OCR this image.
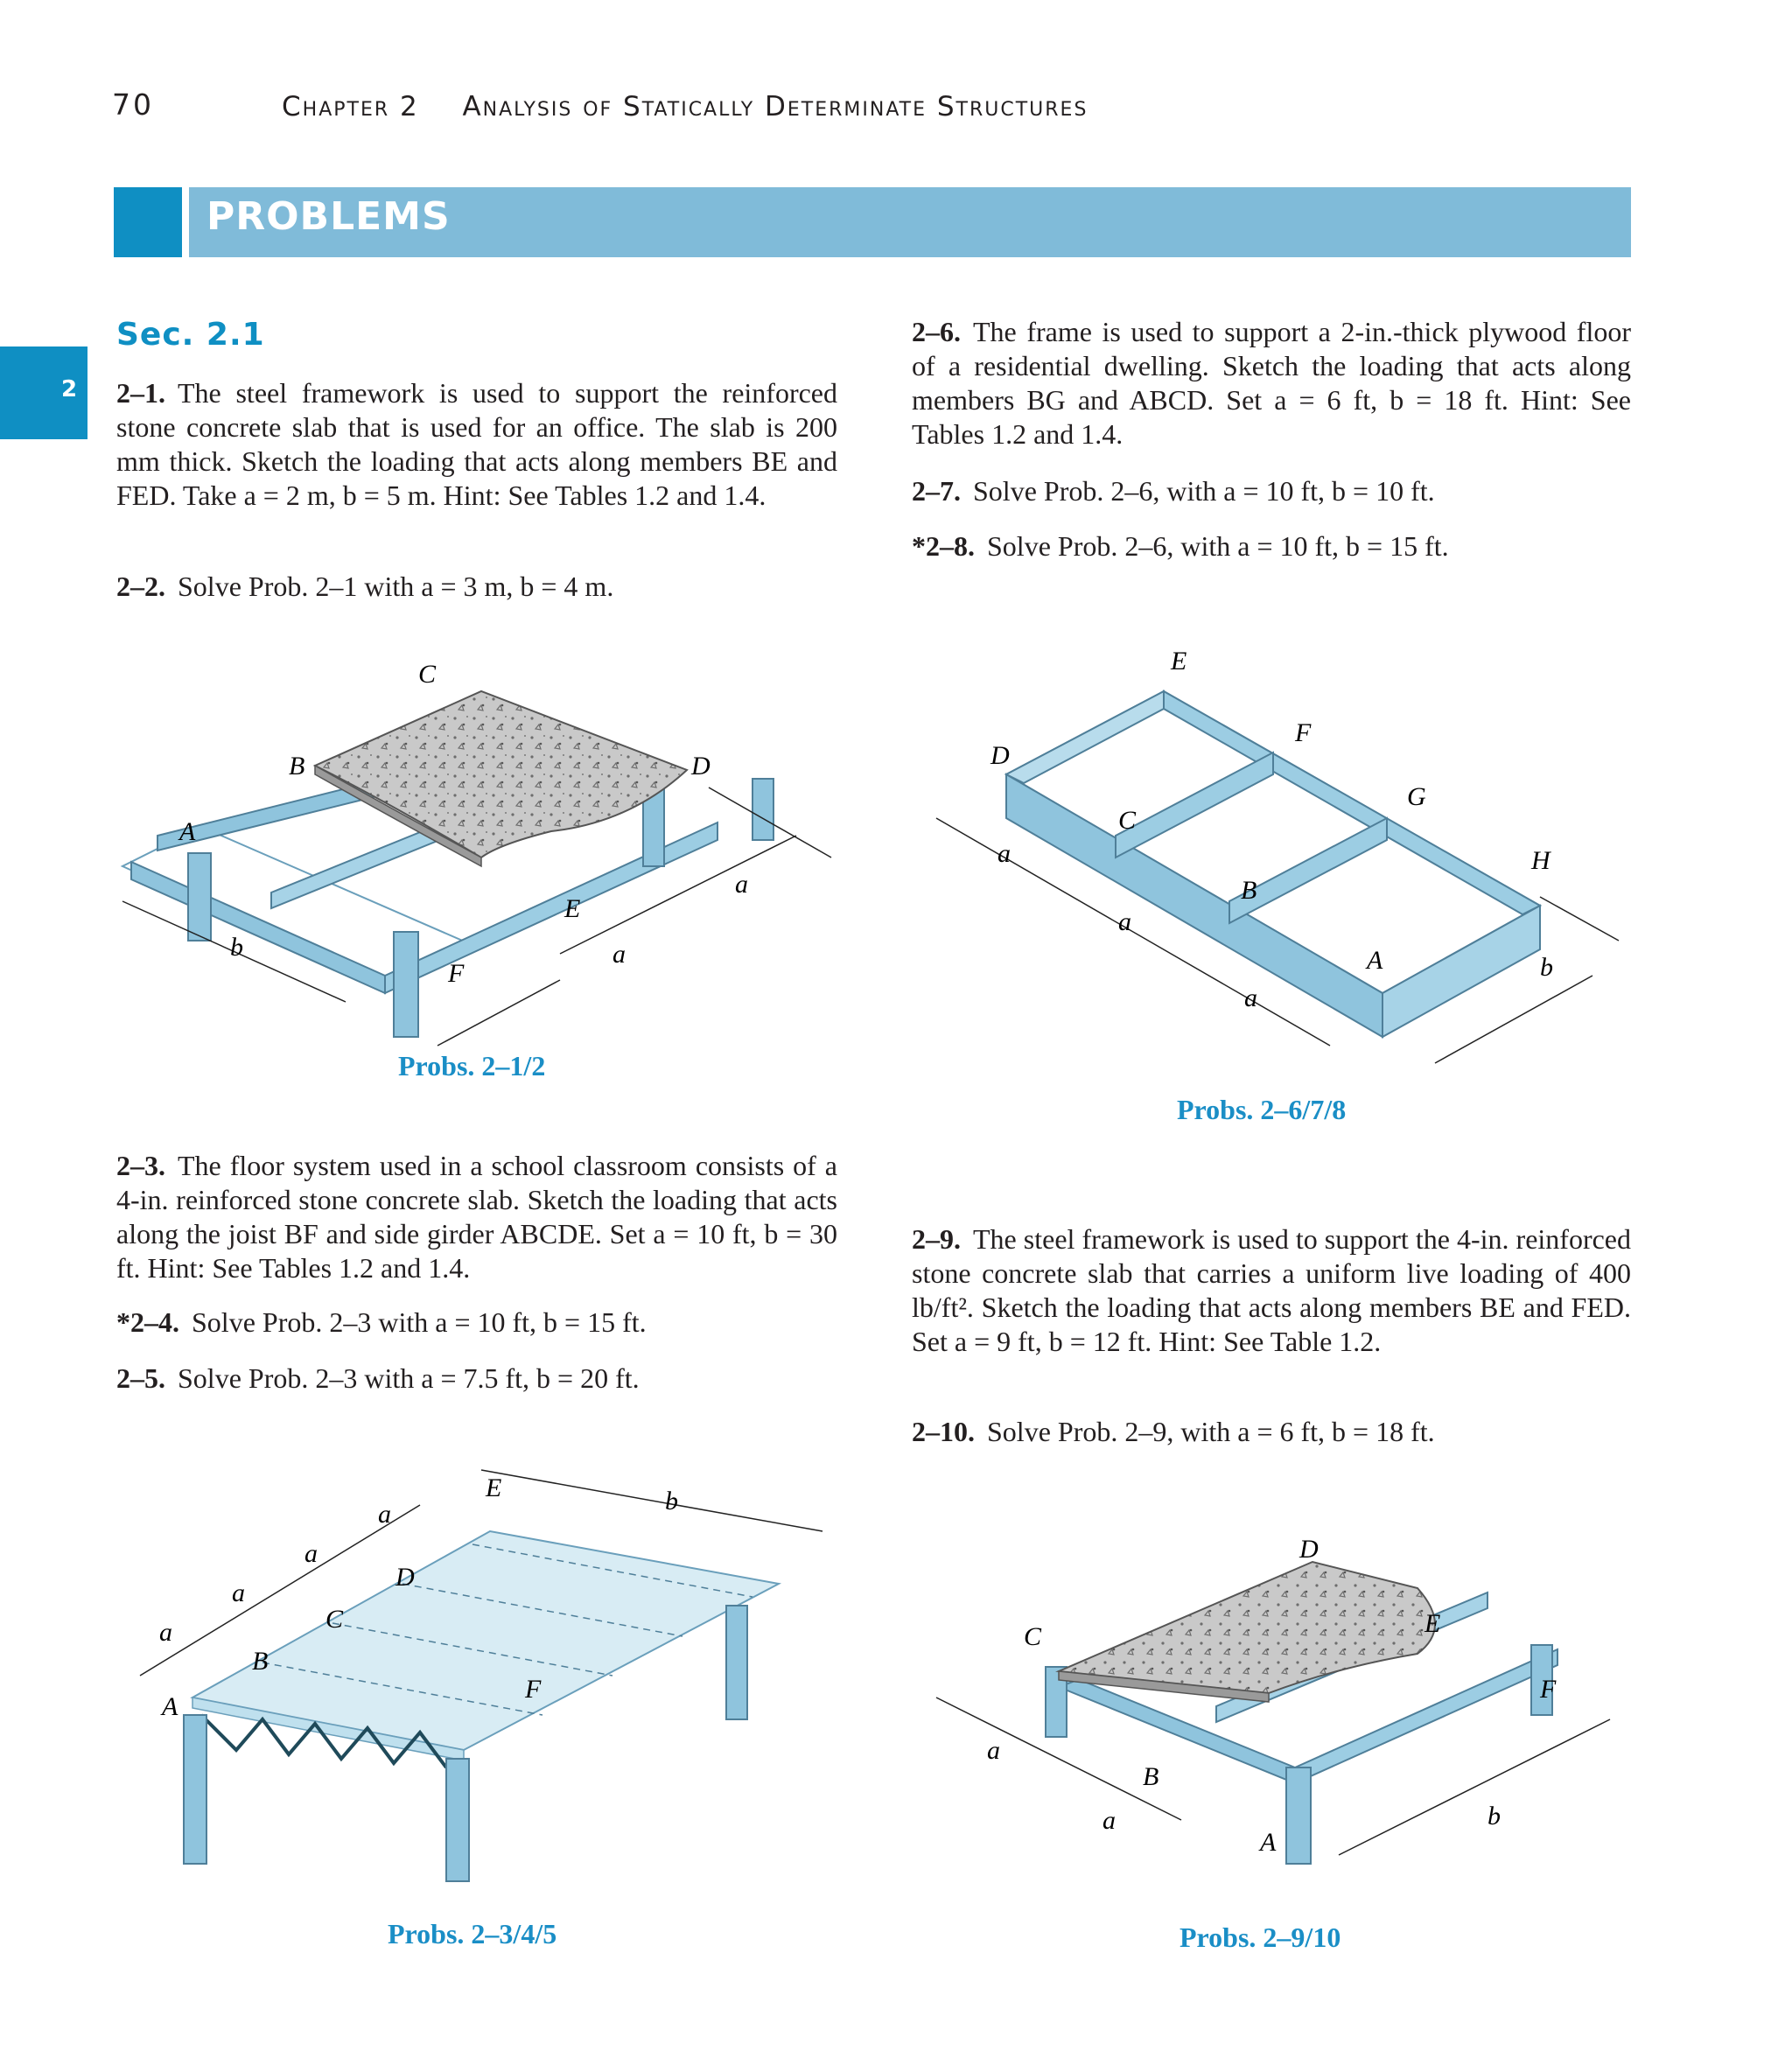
70	Chapter 2 Analysis of Statically Determinate Structures
PROBLEMS
2
Sec. 2.1
2–1. The steel framework is used to support the reinforced stone concrete slab that is used for an office. The slab is 200 mm thick. Sketch the loading that acts along members BE and FED. Take a = 2 m, b = 5 m. Hint: See Tables 1.2 and 1.4.
2–2. Solve Prob. 2–1 with a = 3 m, b = 4 m.
2–3. The floor system used in a school classroom consists of a 4-in. reinforced stone concrete slab. Sketch the loading that acts along the joist BF and side girder ABCDE. Set a = 10 ft, b = 30 ft. Hint: See Tables 1.2 and 1.4.
*2–4. Solve Prob. 2–3 with a = 10 ft, b = 15 ft.
2–5. Solve Prob. 2–3 with a = 7.5 ft, b = 20 ft.
2–6. The frame is used to support a 2-in.-thick plywood floor of a residential dwelling. Sketch the loading that acts along members BG and ABCD. Set a = 6 ft, b = 18 ft. Hint: See Tables 1.2 and 1.4.
2–7. Solve Prob. 2–6, with a = 10 ft, b = 10 ft.
*2–8. Solve Prob. 2–6, with a = 10 ft, b = 15 ft.
2–9. The steel framework is used to support the 4-in. reinforced stone concrete slab that carries a uniform live loading of 400 lb/ft². Sketch the loading that acts along members BE and FED. Set a = 9 ft, b = 12 ft. Hint: See Table 1.2.
2–10. Solve Prob. 2–9, with a = 6 ft, b = 18 ft.
C
B	D
A
E
F
a
a
b
Probs. 2–1/2
E
F
D
G
C
H
B
A
a
a
a
b
Probs. 2–6/7/8
E	b
a
a
a
a
D
C
B
F
A
Probs. 2–3/4/5
D
C	E
F
a
B
a
A
b
Probs. 2–9/10
